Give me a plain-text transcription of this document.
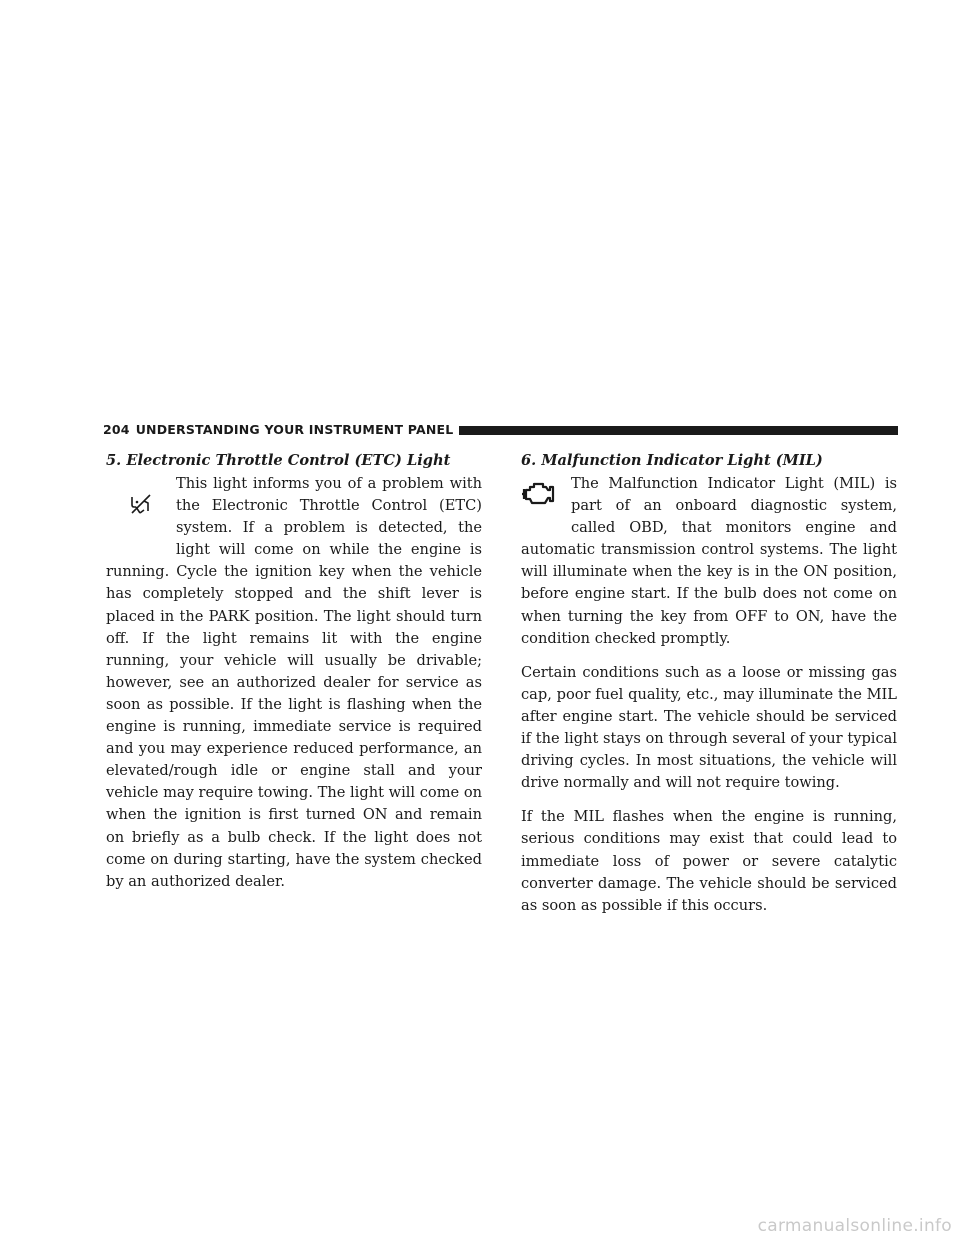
204 UNDERSTANDING YOUR INSTRUMENT PANEL
5. Electronic Throttle Control (ETC) Light

This light informs you of a problem with the Electronic Throttle Control (ETC) system. If a problem is detected, the light will come on while the engine is running. Cycle the ignition key when the vehicle has completely stopped and the shift lever is placed in the PARK position. The light should turn off. If the light remains lit with the engine running, your vehicle will usually be drivable; however, see an authorized dealer for service as soon as possible. If the light is flashing when the engine is running, immediate service is required and you may experience reduced performance, an elevated/rough idle or engine stall and your vehicle may require towing. The light will come on when the ignition is first turned ON and remain on briefly as a bulb check. If the light does not come on during starting, have the system checked by an authorized dealer.

6. Malfunction Indicator Light (MIL)

The Malfunction Indicator Light (MIL) is part of an onboard diagnostic system, called OBD, that monitors engine and automatic transmission control systems. The light will illuminate when the key is in the ON position, before engine start. If the bulb does not come on when turning the key from OFF to ON, have the condition checked promptly.

Certain conditions such as a loose or missing gas cap, poor fuel quality, etc., may illuminate the MIL after engine start. The vehicle should be serviced if the light stays on through several of your typical driving cycles. In most situations, the vehicle will drive normally and will not require towing.

If the MIL flashes when the engine is running, serious conditions may exist that could lead to immediate loss of power or severe catalytic converter damage. The vehicle should be serviced as soon as possible if this occurs.

carmanualsonline.info
